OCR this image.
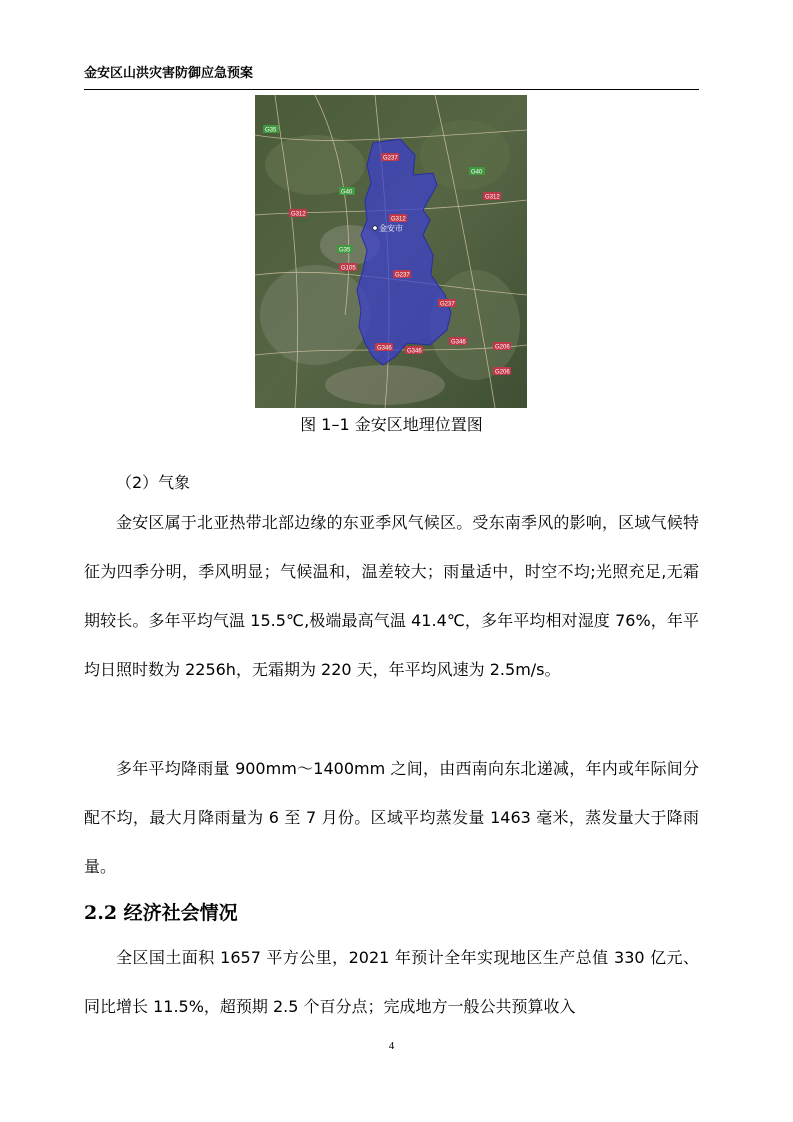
金安区山洪灾害防御应急预案
金安市
G35
G40
G312
G35
G105
G237
G312
G237
G40
G312
G237
G346	G346
G346
G206
G206
图 1–1 金安区地理位置图
（2）气象
金安区属于北亚热带北部边缘的东亚季风气候区。受东南季风的影响，区域气候特征为四季分明，季风明显；气候温和，温差较大；雨量适中，时空不均;光照充足,无霜期较长。多年平均气温 15.5℃,极端最高气温 41.4℃，多年平均相对湿度 76%，年平均日照时数为 2256h，无霜期为 220 天，年平均风速为 2.5m/s。
多年平均降雨量 900mm～1400mm 之间，由西南向东北递减，年内或年际间分配不均，最大月降雨量为 6 至 7 月份。区域平均蒸发量 1463 毫米，蒸发量大于降雨量。
2.2 经济社会情况
全区国土面积 1657 平方公里，2021 年预计全年实现地区生产总值 330 亿元、同比增长 11.5%，超预期 2.5 个百分点；完成地方一般公共预算收入
4
